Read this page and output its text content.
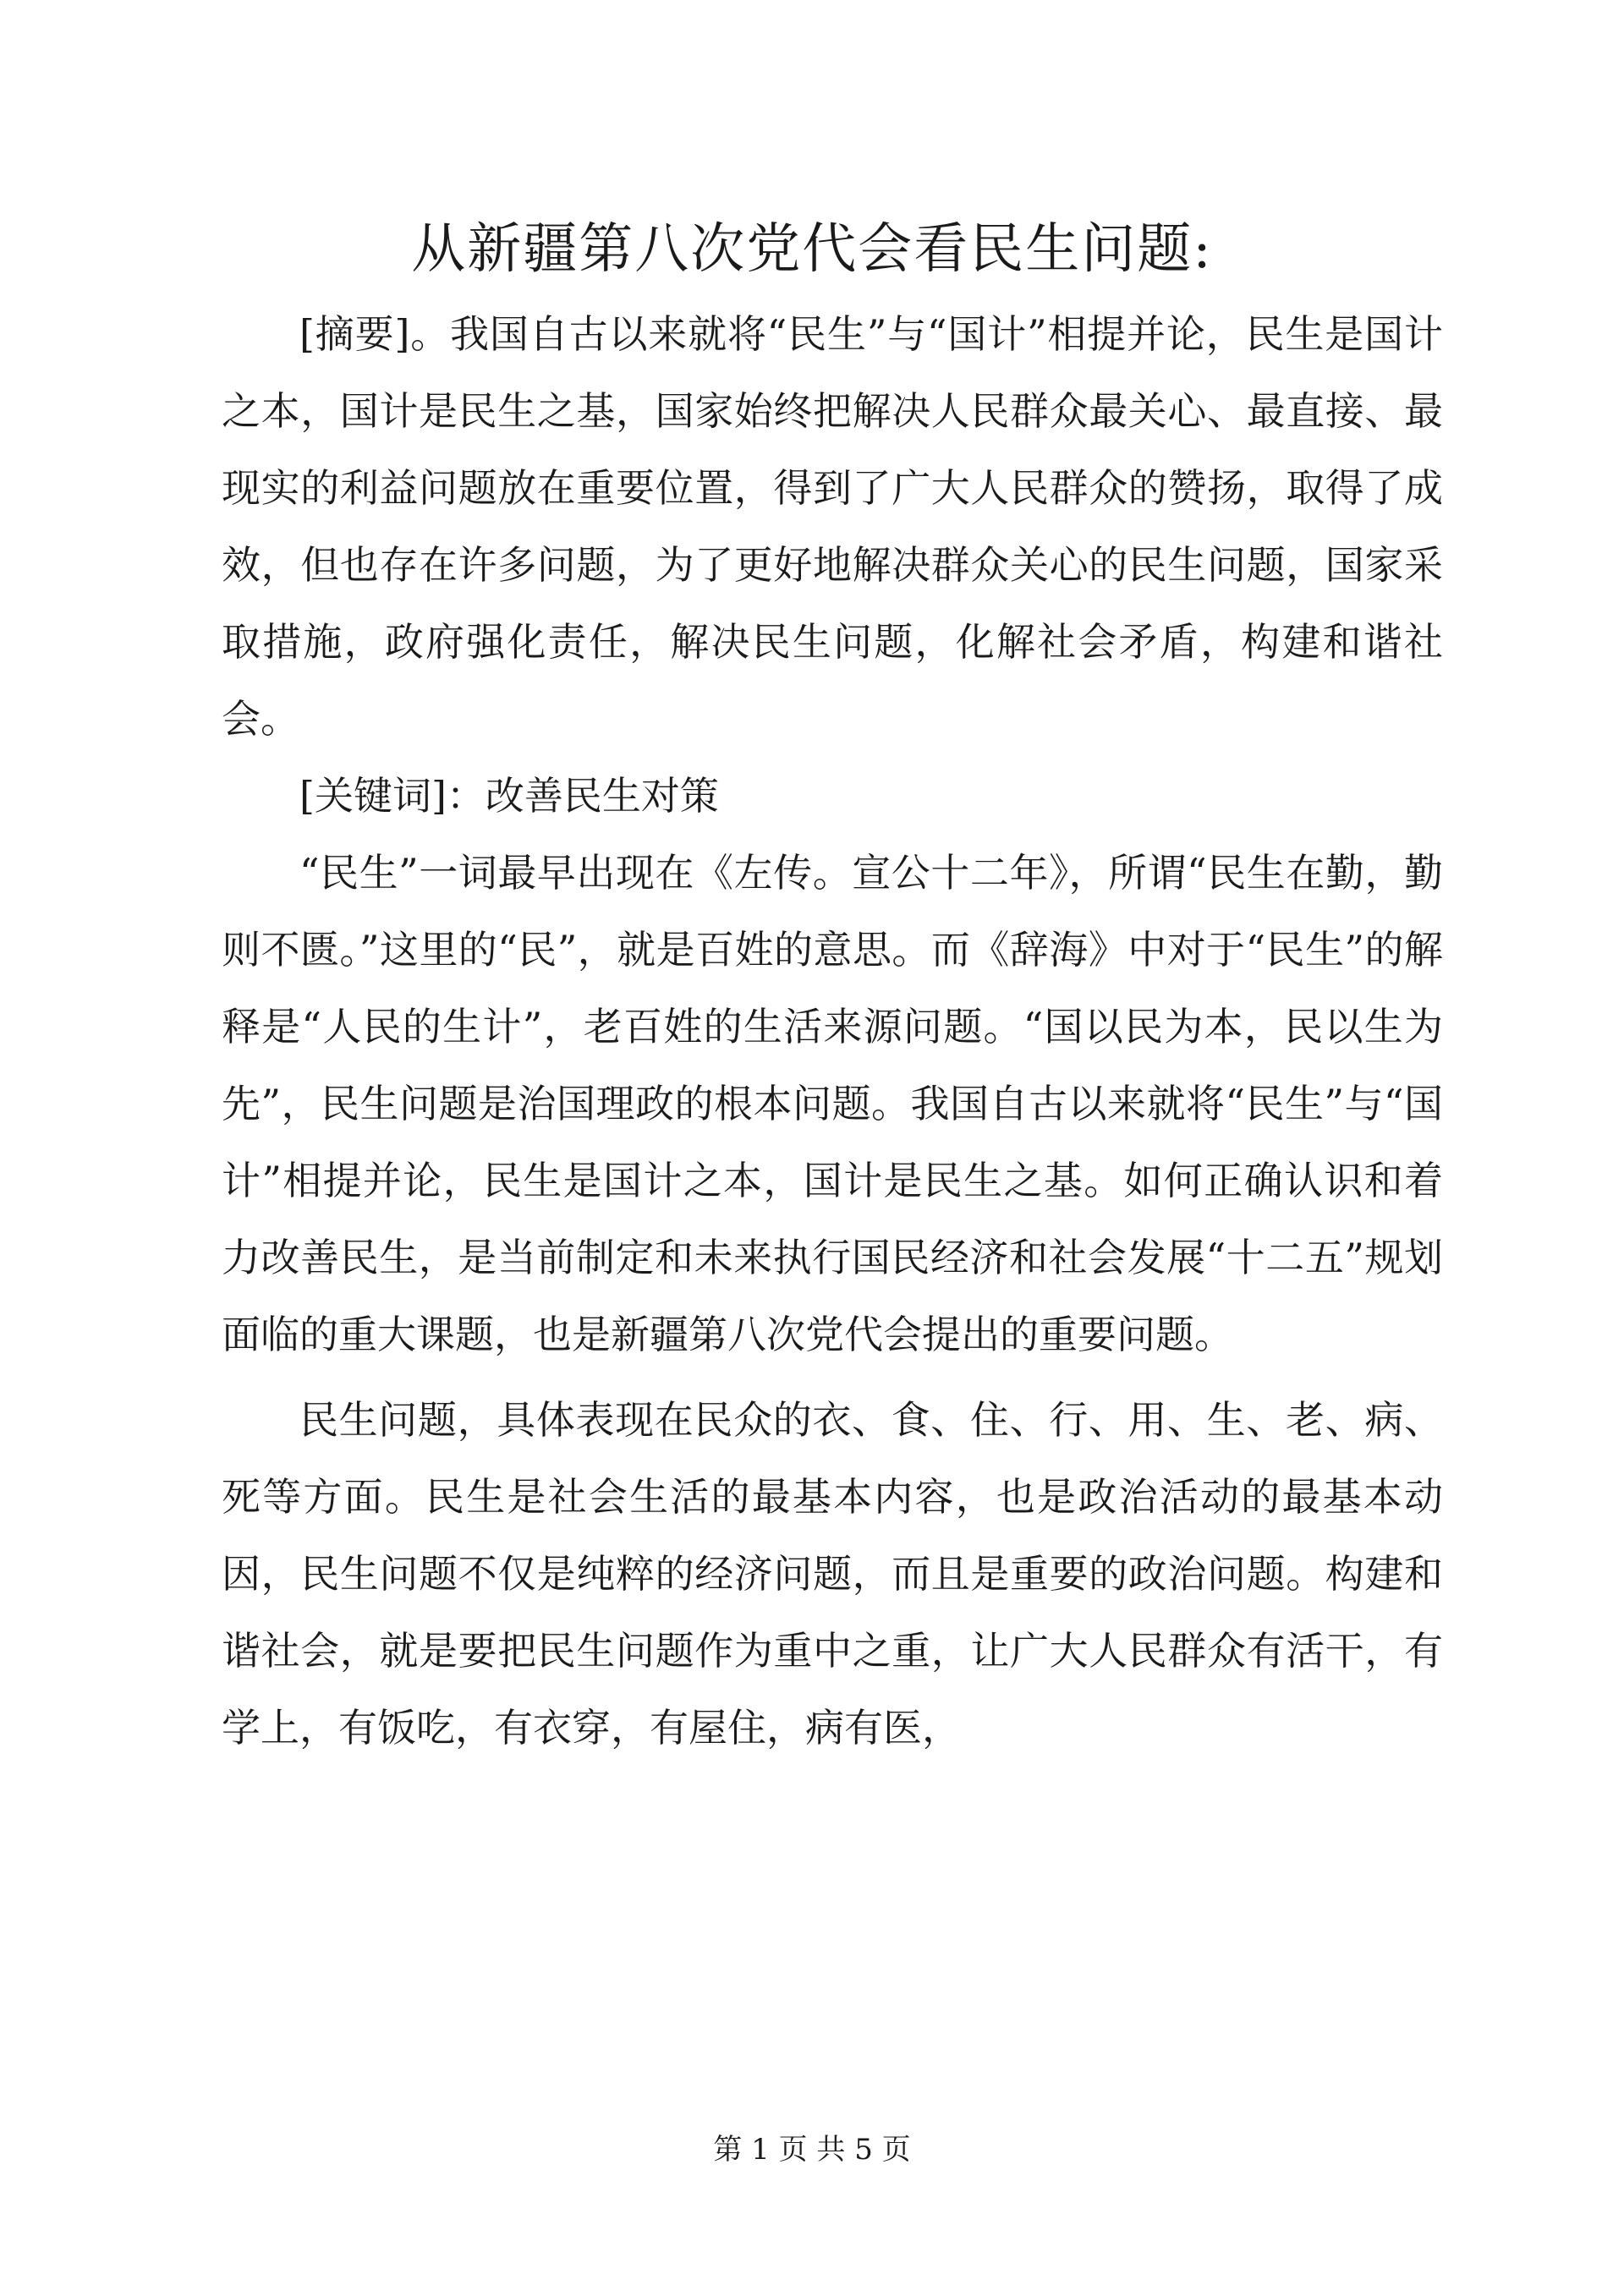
从新疆第八次党代会看民生问题:

[摘要]。我国自古以来就将“民生”与“国计”相提并论，民生是国计之本，国计是民生之基，国家始终把解决人民群众最关心、最直接、最现实的利益问题放在重要位置，得到了广大人民群众的赞扬，取得了成效，但也存在许多问题，为了更好地解决群众关心的民生问题，国家采取措施，政府强化责任，解决民生问题，化解社会矛盾，构建和谐社会。

[关键词]：改善民生对策

“民生”一词最早出现在《左传。宣公十二年》，所谓“民生在勤，勤则不匮。”这里的“民”，就是百姓的意思。而《辞海》中对于“民生”的解释是“人民的生计”，老百姓的生活来源问题。“国以民为本，民以生为先”，民生问题是治国理政的根本问题。我国自古以来就将“民生”与“国计”相提并论，民生是国计之本，国计是民生之基。如何正确认识和着力改善民生，是当前制定和未来执行国民经济和社会发展“十二五”规划面临的重大课题，也是新疆第八次党代会提出的重要问题。

民生问题，具体表现在民众的衣、食、住、行、用、生、老、病、死等方面。民生是社会生活的最基本内容，也是政治活动的最基本动因，民生问题不仅是纯粹的经济问题，而且是重要的政治问题。构建和谐社会，就是要把民生问题作为重中之重，让广大人民群众有活干，有学上，有饭吃，有衣穿，有屋住，病有医，

第 1 页 共 5 页
